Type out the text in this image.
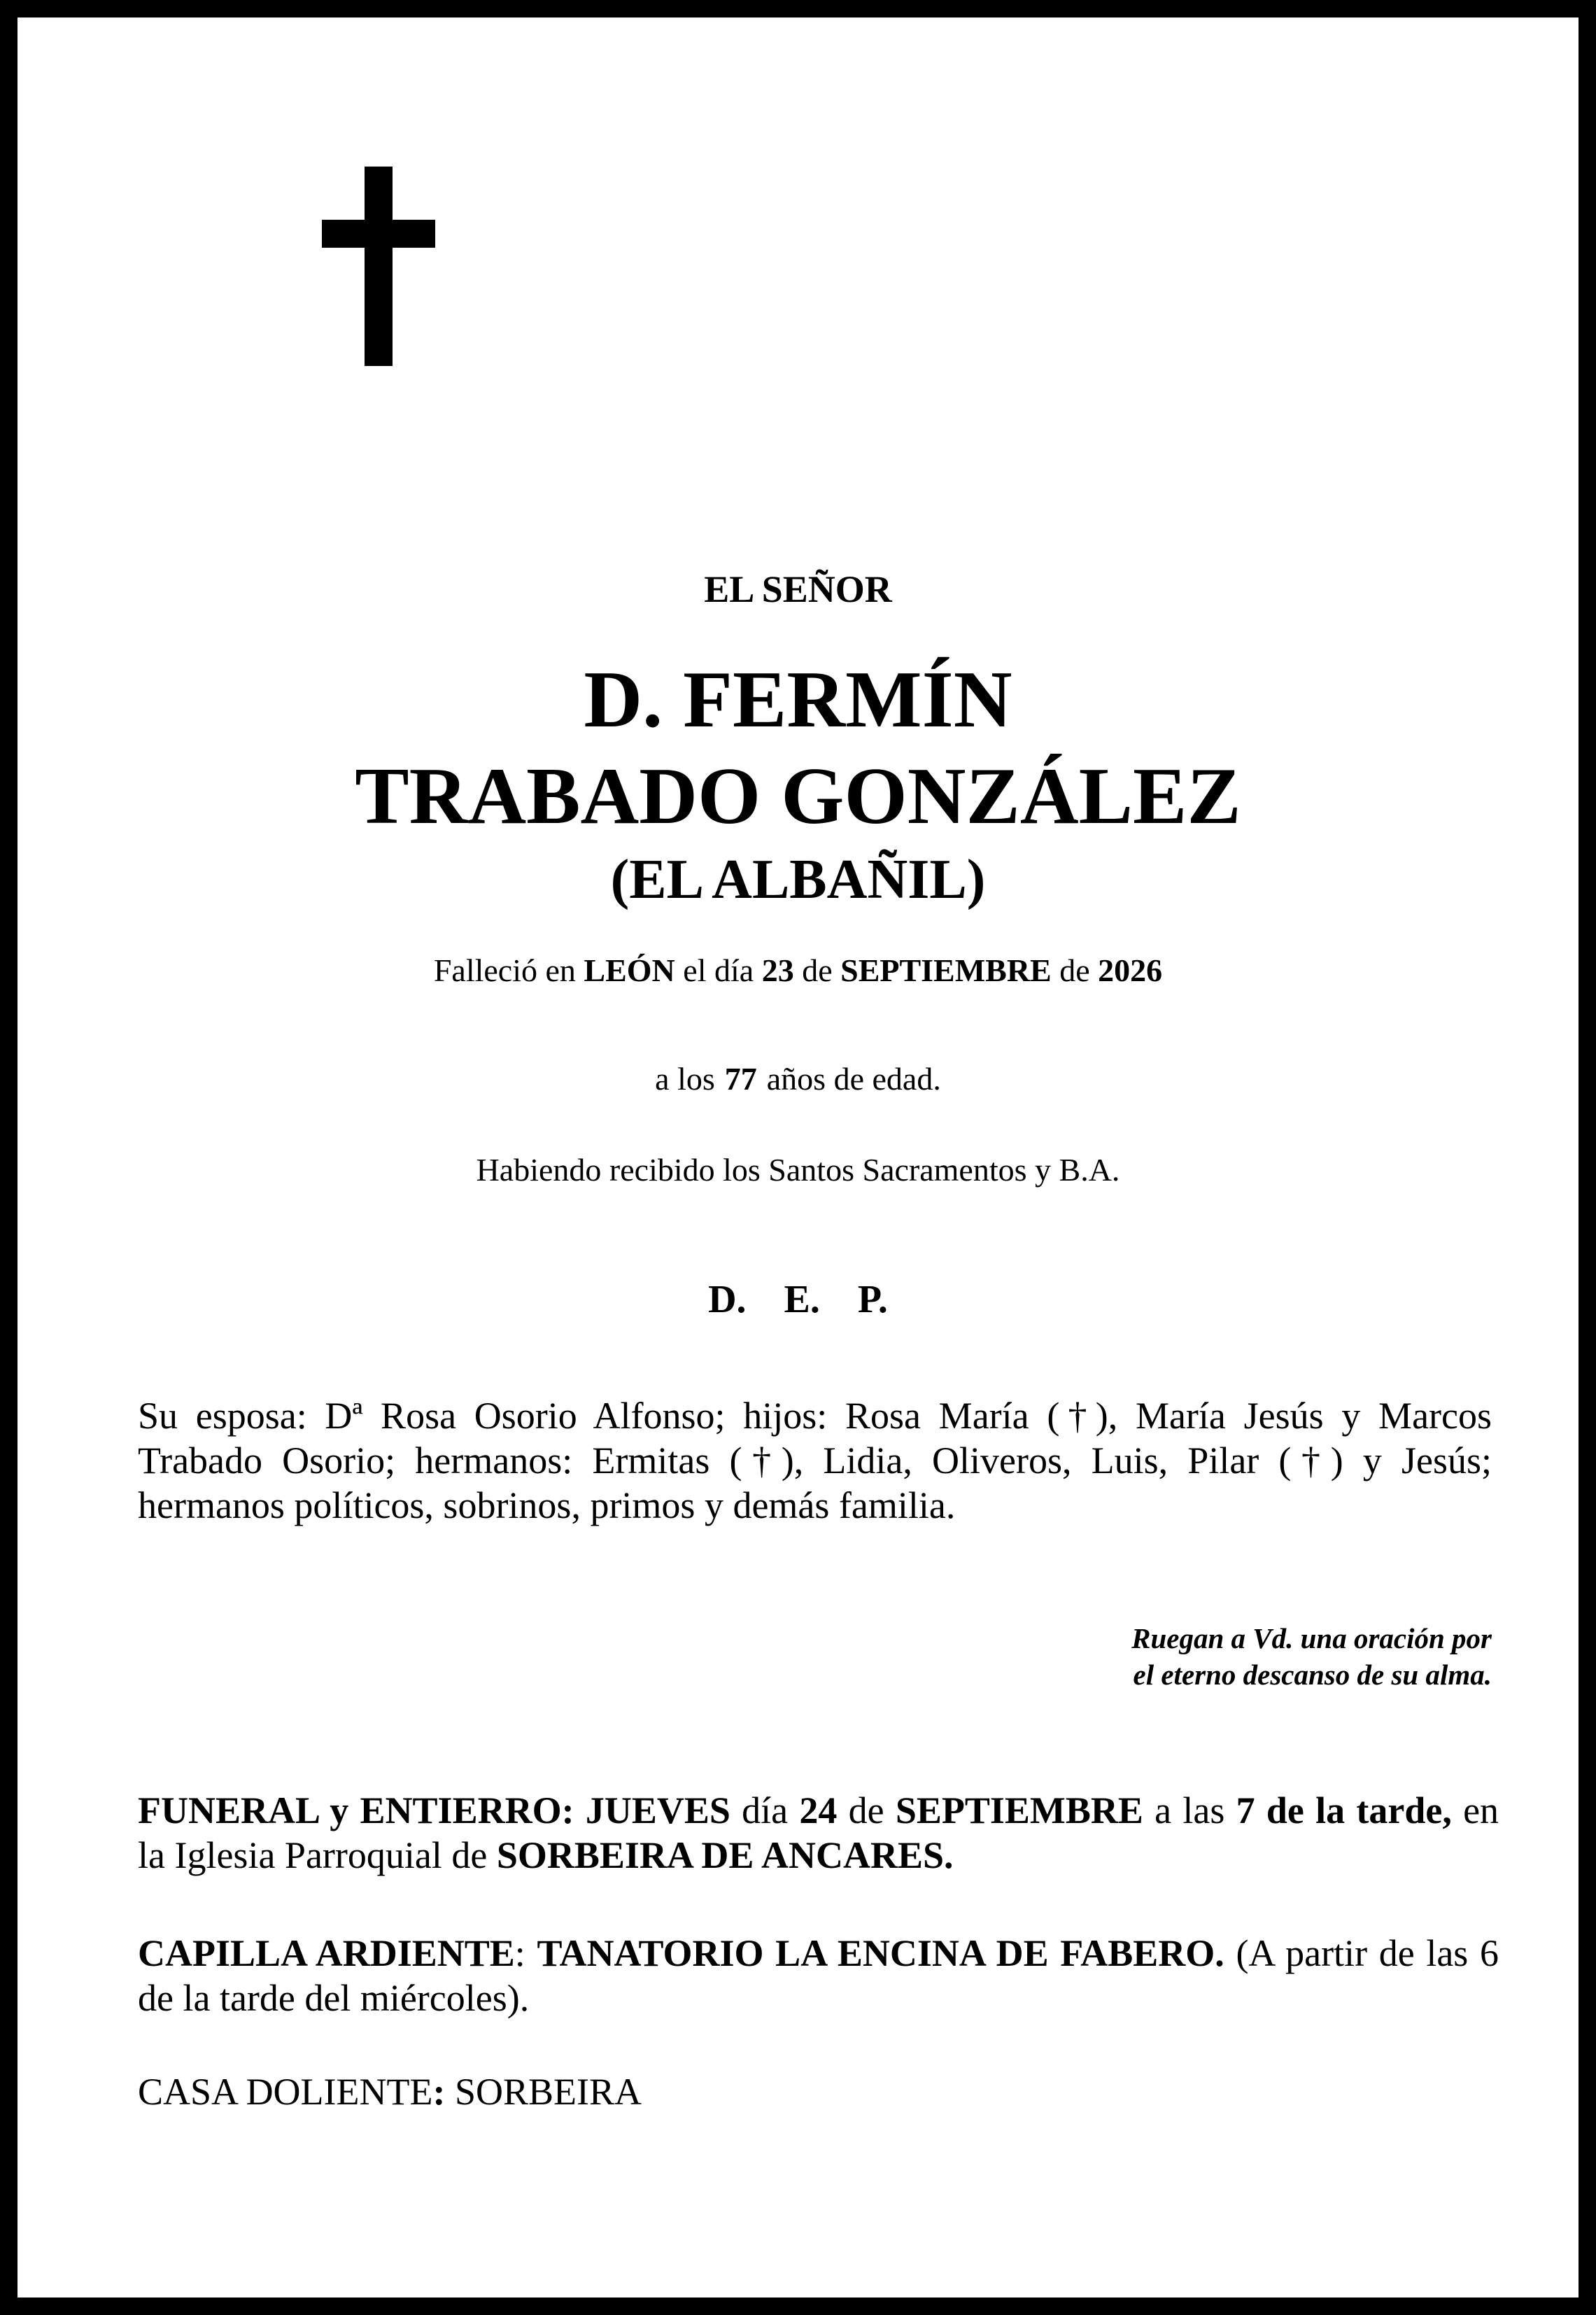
EL SEÑOR
D. FERMÍN
TRABADO GONZÁLEZ
(EL ALBAÑIL)
Falleció en LEÓN el día 23 de SEPTIEMBRE de 2026
a los 77 años de edad.
Habiendo recibido los Santos Sacramentos y B.A.
D. E. P.
Su esposa: Dª Rosa Osorio Alfonso; hijos: Rosa María (†), María Jesús y Marcos Trabado Osorio; hermanos: Ermitas (†), Lidia, Oliveros, Luis, Pilar (†) y Jesús; hermanos políticos, sobrinos, primos y demás familia.
Ruegan a Vd. una oración por
el eterno descanso de su alma.
FUNERAL y ENTIERRO: JUEVES día 24 de SEPTIEMBRE a las 7 de la tarde, en la Iglesia Parroquial de SORBEIRA DE ANCARES.
CAPILLA ARDIENTE: TANATORIO LA ENCINA DE FABERO. (A partir de las 6 de la tarde del miércoles).
CASA DOLIENTE: SORBEIRA
